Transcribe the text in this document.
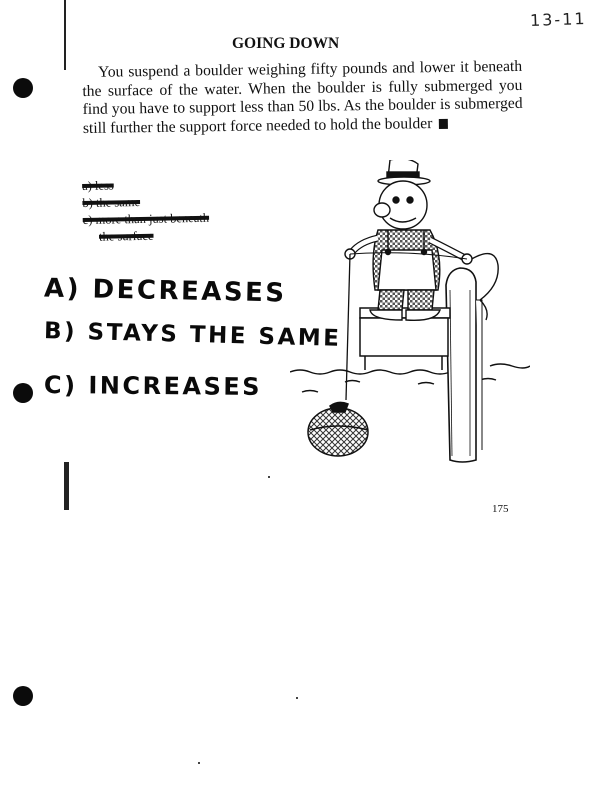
13-11
GOING DOWN
You suspend a boulder weighing fifty pounds and lower it beneath the surface of the water. When the boulder is fully submerged you find you have to support less than 50 lbs. As the boulder is submerged still further the support force needed to hold the boulder
a) less
b) the same
c) more than just beneath
the surface
A) DECREASES
B) STAYS THE SAME
C) INCREASES
175
